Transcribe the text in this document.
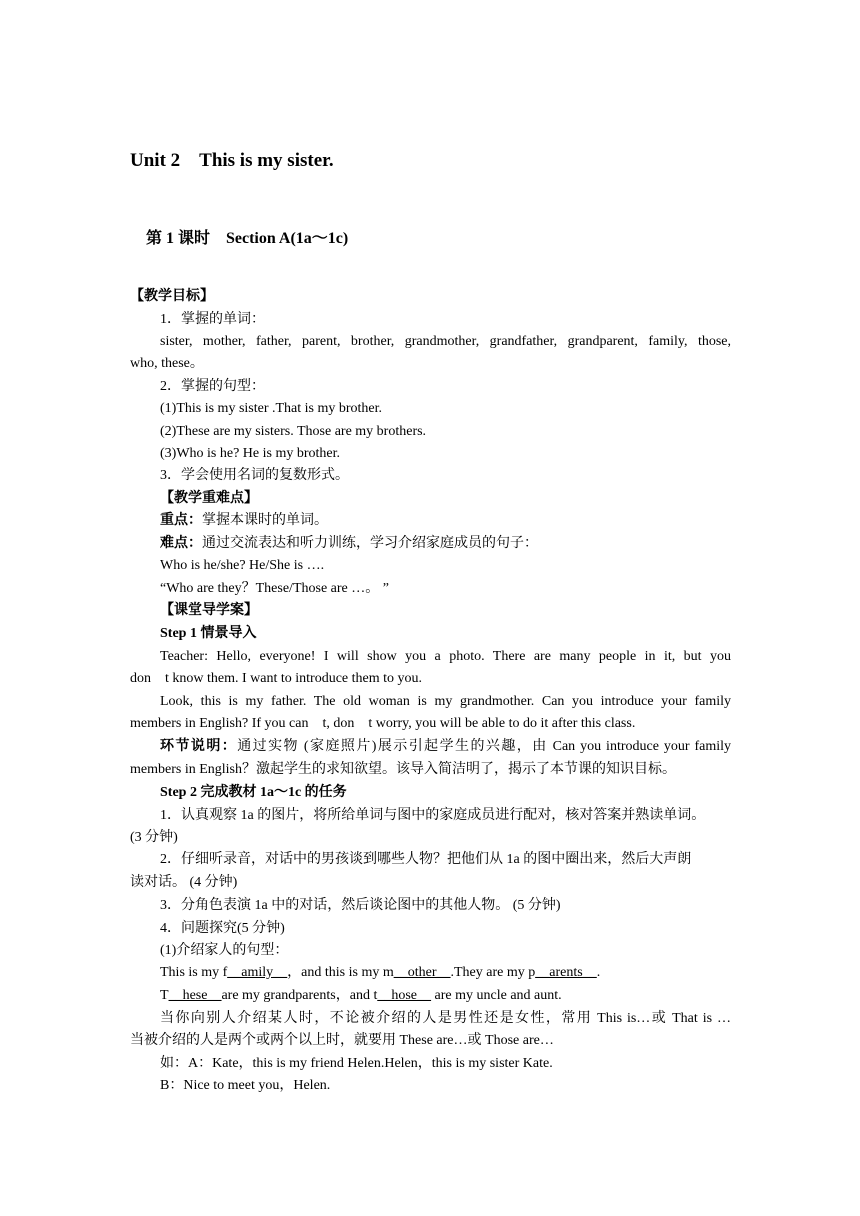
Unit 2　This is my sister.
第 1 课时　Section A(1a～1c)
【教学目标】
1．掌握的单词：
sister, mother, father, parent, brother, grandmother, grandfather, grandparent, family, those,
who, these。
2．掌握的句型：
(1)This is my sister .That is my brother.
(2)These are my sisters. Those are my brothers.
(3)Who is he? He is my brother.
3．学会使用名词的复数形式。
【教学重难点】
重点：掌握本课时的单词。
难点：通过交流表达和听力训练，学习介绍家庭成员的句子：
Who is he/she? He/She is ….
“Who are they？These/Those are …。 ”
【课堂导学案】
Step 1 情景导入
Teacher: Hello, everyone! I will show you a photo. There are many people in it, but you
don　t know them. I want to introduce them to you.
Look, this is my father. The old woman is my grandmother. Can you introduce your family
members in English? If you can　t, don　t worry, you will be able to do it after this class.
环节说明：通过实物 (家庭照片)展示引起学生的兴趣，由 Can you introduce your family
members in English？激起学生的求知欲望。该导入简洁明了，揭示了本节课的知识目标。
Step 2 完成教材 1a～1c 的任务
1．认真观察 1a 的图片，将所给单词与图中的家庭成员进行配对，核对答案并熟读单词。
(3 分钟)
2．仔细听录音，对话中的男孩谈到哪些人物？把他们从 1a 的图中圈出来，然后大声朗
读对话。 (4 分钟)
3．分角色表演 1a 中的对话，然后谈论图中的其他人物。 (5 分钟)
4．问题探究(5 分钟)
(1)介绍家人的句型：
This is my f__amily__，and this is my m__other__.They are my p__arents__.
T__hese__are my grandparents，and t__hose__ are my uncle and aunt.
当你向别人介绍某人时，不论被介绍的人是男性还是女性，常用 This is…或 That is …
当被介绍的人是两个或两个以上时，就要用 These are…或 Those are…
如：A：Kate，this is my friend Helen.Helen，this is my sister Kate.
B：Nice to meet you，Helen.
